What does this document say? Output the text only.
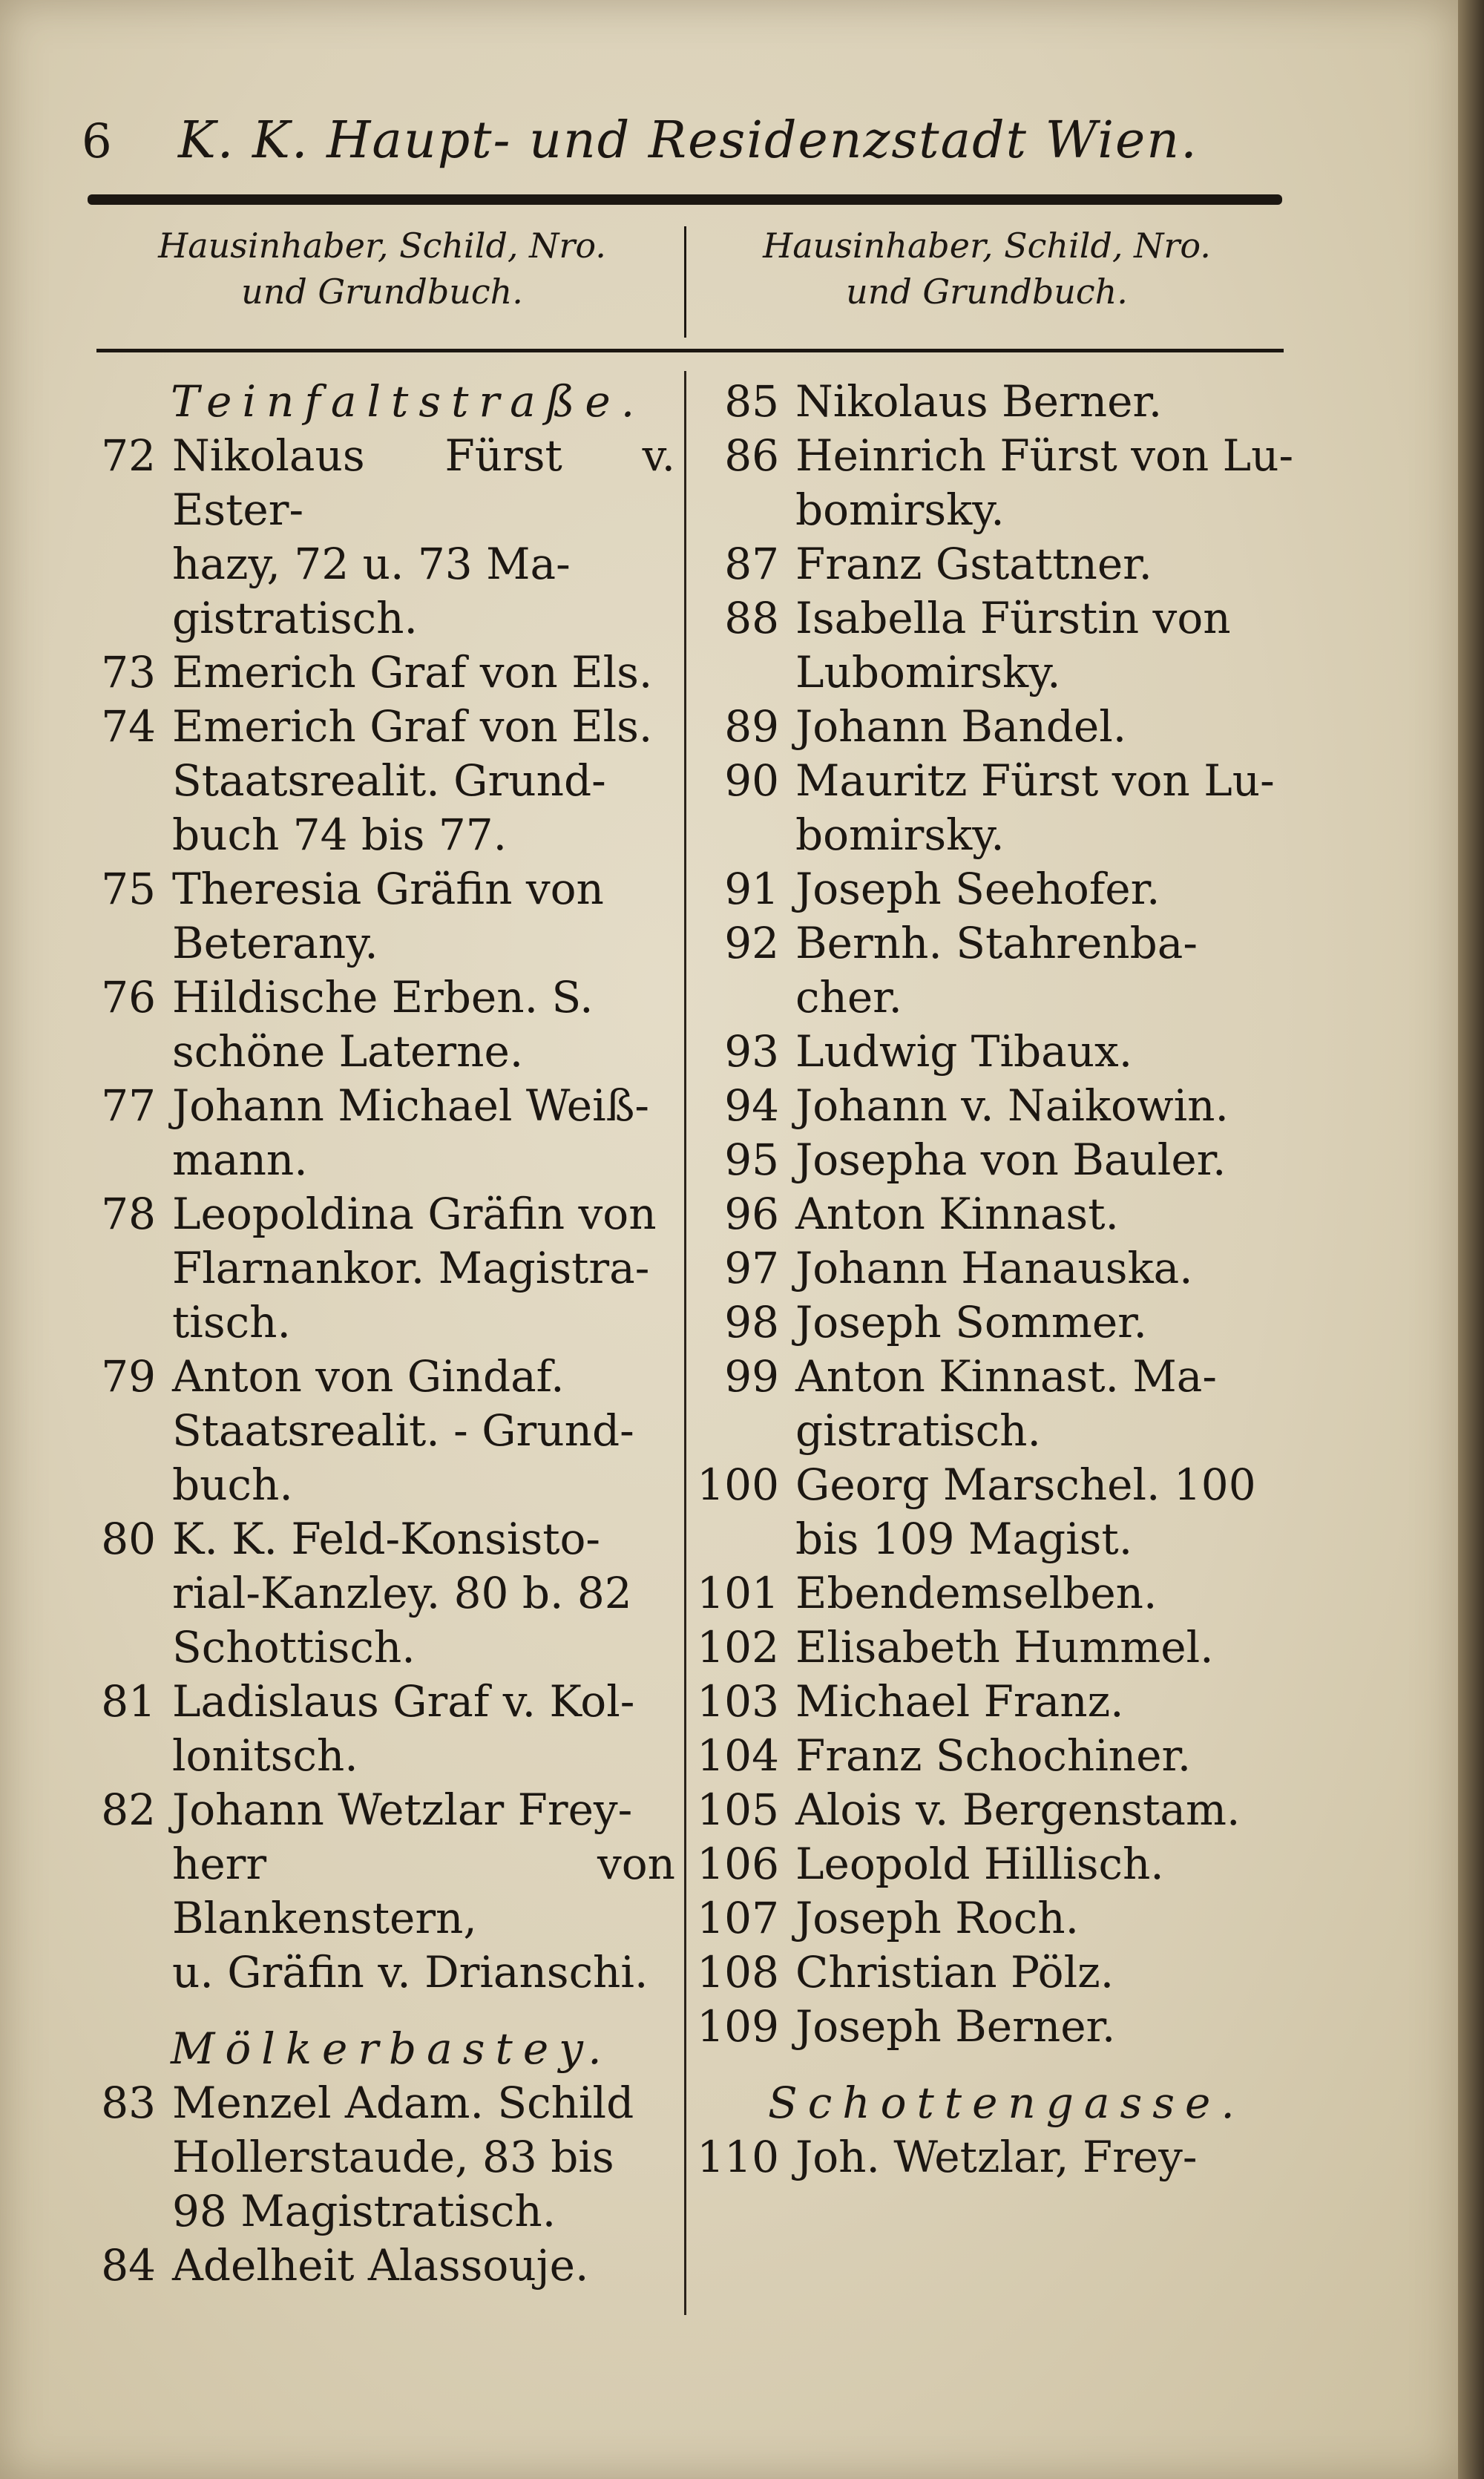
6	K. K. Haupt- und Residenzstadt Wien.
Hausinhaber, Schild, Nro.
und Grundbuch.
Hausinhaber, Schild, Nro.
und Grundbuch.
Teinfaltstraße.
72 Nikolaus Fürst v. Ester-
hazy, 72 u. 73 Ma-
gistratisch.
73 Emerich Graf von Els.
74 Emerich Graf von Els.
Staatsrealit. Grund-
buch 74 bis 77.
75 Theresia Gräfin von
Beterany.
76 Hildische Erben. S.
schöne Laterne.
77 Johann Michael Weiß-
mann.
78 Leopoldina Gräfin von
Flarnankor. Magistra-
tisch.
79 Anton von Gindaf.
Staatsrealit. - Grund-
buch.
80 K. K. Feld-Konsisto-
rial-Kanzley. 80 b. 82
Schottisch.
81 Ladislaus Graf v. Kol-
lonitsch.
82 Johann Wetzlar Frey-
herr von Blankenstern,
u. Gräfin v. Drianschi.
Mölkerbastey.
83 Menzel Adam. Schild
Hollerstaude, 83 bis
98 Magistratisch.
84 Adelheit Alassouje.
85 Nikolaus Berner.
86 Heinrich Fürst von Lu-
bomirsky.
87 Franz Gstattner.
88 Isabella Fürstin von
Lubomirsky.
89 Johann Bandel.
90 Mauritz Fürst von Lu-
bomirsky.
91 Joseph Seehofer.
92 Bernh. Stahrenba-
cher.
93 Ludwig Tibaux.
94 Johann v. Naikowin.
95 Josepha von Bauler.
96 Anton Kinnast.
97 Johann Hanauska.
98 Joseph Sommer.
99 Anton Kinnast. Ma-
gistratisch.
100 Georg Marschel. 100
bis 109 Magist.
101 Ebendemselben.
102 Elisabeth Hummel.
103 Michael Franz.
104 Franz Schochiner.
105 Alois v. Bergenstam.
106 Leopold Hillisch.
107 Joseph Roch.
108 Christian Pölz.
109 Joseph Berner.
Schottengasse.
110 Joh. Wetzlar, Frey-
